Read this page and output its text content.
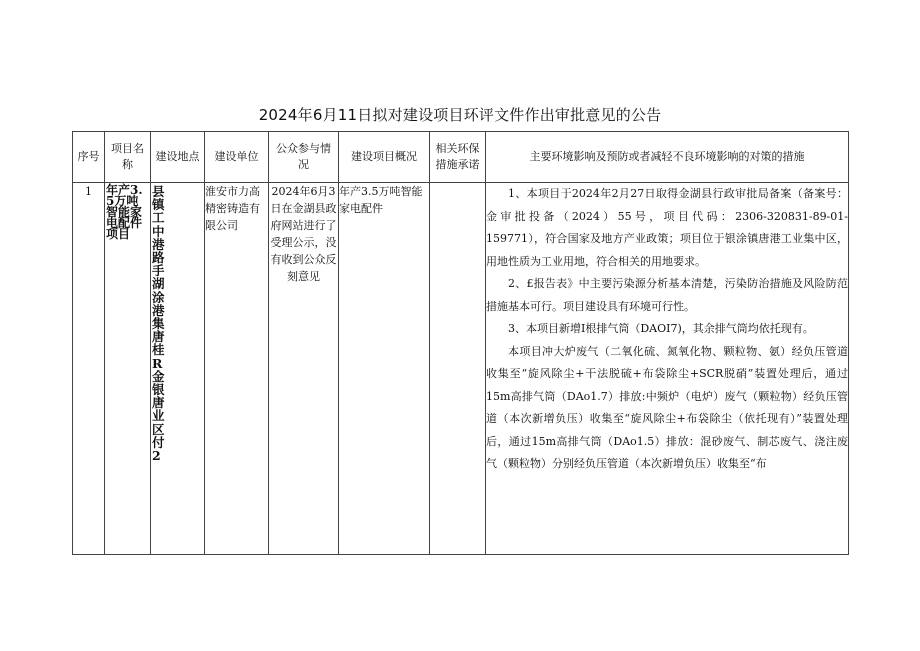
2024年6月11日拟对建设项目环评文件作出审批意见的公告
序号	项目名称	建设地点	建设单位	公众参与情况	建设项目概况	相关环保措施承诺	主要环境影响及预防或者减轻不良环境影响的对策的措施
1	年产3.5万吨智能家电配件项目	县镇工中港路手湖涂港集唐桂R金银唐业区付2	淮安市力高精密铸造有限公司	2024年6月3日在金湖县政府网站进行了受理公示，没有收到公众反刻意见	年产3.5万吨智能家电配件		1、本项目于2024年2月27日取得金湖县行政审批局备案（备案号：金审批投备（2024）55号，项目代码：2306-320831-89-01-159771），符合国家及地方产业政策；项目位于银涂镇唐港工业集中区，用地性质为工业用地，符合相关的用地要求。

2、£报告表》中主要污染源分析基本清楚，污染防治措施及风险防范措施基本可行。项目建设具有环境可行性。

3、本项目新增I根排气筒（DAOI7)，其余排气筒均依托现有。

本项目冲大炉废气（二氧化硫、氮氧化物、颗粒物、氨）经负压管道收集至“旋风除尘+干法脱硫+布袋除尘+SCR脱硝”装置处理后，通过15m高排气筒（DAo1.7）排放:中频炉（电炉）废气（颗粒物）经负压管道（本次新增负压）收集至“旋风除尘+布袋除尘（依托现有）”装置处理后，通过15m高排气筒（DAo1.5）排放：混砂废气、制芯废气、浇注废气（颗粒物）分别经负压管道（本次新增负压）收集至“布
